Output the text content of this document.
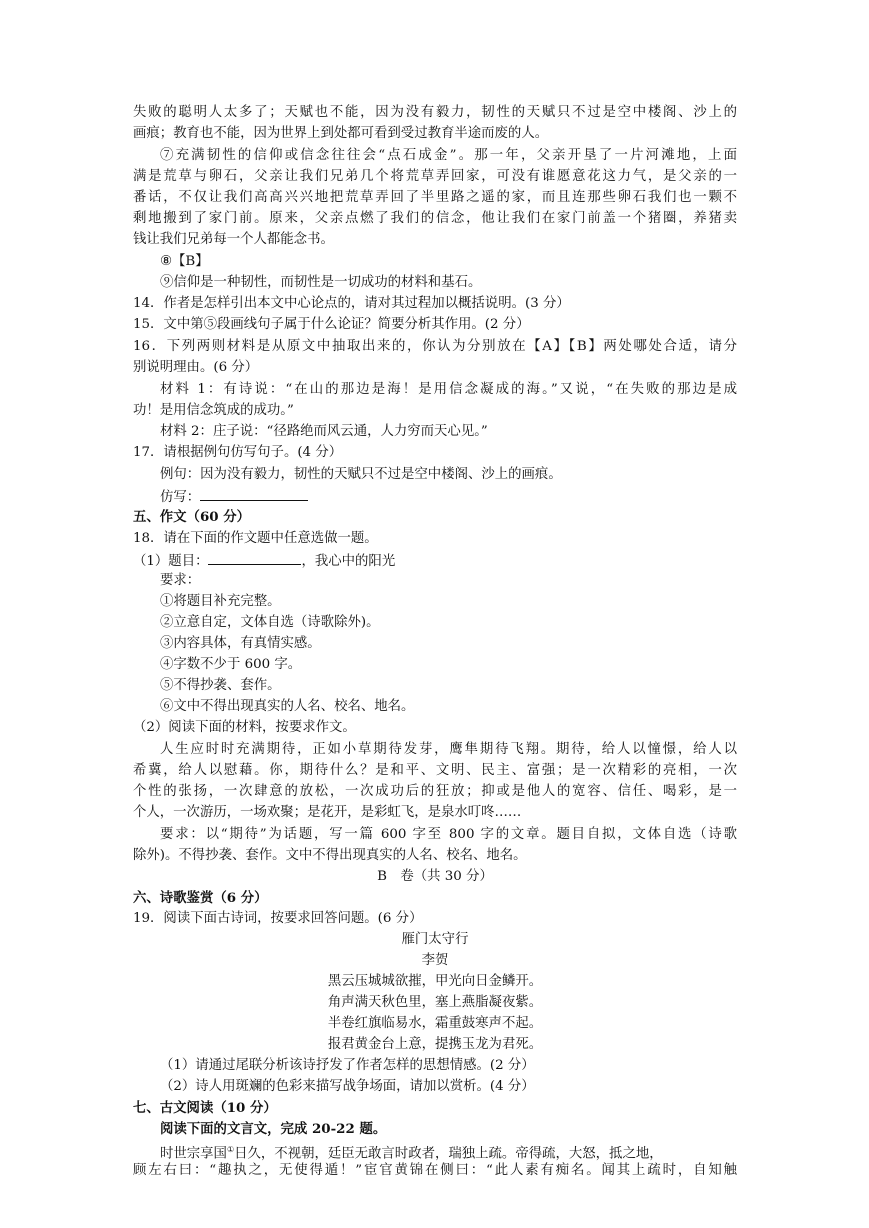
失败的聪明人太多了；天赋也不能，因为没有毅力，韧性的天赋只不过是空中楼阁、沙上的
画痕；教育也不能，因为世界上到处都可看到受过教育半途而废的人。
⑦充满韧性的信仰或信念往往会“点石成金”。那一年，父亲开垦了一片河滩地，上面
满是荒草与卵石，父亲让我们兄弟几个将荒草弄回家，可没有谁愿意花这力气，是父亲的一
番话，不仅让我们高高兴兴地把荒草弄回了半里路之遥的家，而且连那些卵石我们也一颗不
剩地搬到了家门前。原来，父亲点燃了我们的信念，他让我们在家门前盖一个猪圈，养猪卖
钱让我们兄弟每一个人都能念书。
⑧【B】
⑨信仰是一种韧性，而韧性是一切成功的材料和基石。
14．作者是怎样引出本文中心论点的，请对其过程加以概括说明。(3 分）
15．文中第⑤段画线句子属于什么论证？简要分析其作用。(2 分）
16．下列两则材料是从原文中抽取出来的，你认为分别放在【A】【B】两处哪处合适，请分
别说明理由。(6 分）
材料 1：有诗说：“在山的那边是海！是用信念凝成的海。”又说，“在失败的那边是成
功！是用信念筑成的成功。”
材料 2：庄子说：“径路绝而风云通，人力穷而天心见。”
17．请根据例句仿写句子。(4 分）
例句：因为没有毅力，韧性的天赋只不过是空中楼阁、沙上的画痕。
仿写：
五、作文（60 分）
18．请在下面的作文题中任意选做一题。
（1）题目：	，我心中的阳光
要求：
①将题目补充完整。
②立意自定，文体自选（诗歌除外)。
③内容具体，有真情实感。
④字数不少于 600 字。
⑤不得抄袭、套作。
⑥文中不得出现真实的人名、校名、地名。
（2）阅读下面的材料，按要求作文。
人生应时时充满期待，正如小草期待发芽，鹰隼期待飞翔。期待，给人以憧憬，给人以
希冀，给人以慰藉。你，期待什么？是和平、文明、民主、富强；是一次精彩的亮相，一次
个性的张扬，一次肆意的放松，一次成功后的狂放；抑或是他人的宽容、信任、喝彩，是一
个人，一次游历，一场欢聚；是花开，是彩虹飞，是泉水叮咚……
要求：以“期待”为话题，写一篇 600 字至 800 字的文章。题目自拟，文体自选（诗歌
除外)。不得抄袭、套作。文中不得出现真实的人名、校名、地名。
B　卷（共 30 分）
六、诗歌鉴赏（6 分）
19．阅读下面古诗词，按要求回答问题。(6 分）
雁门太守行
李贺
黑云压城城欲摧，甲光向日金鳞开。
角声满天秋色里，塞上燕脂凝夜紫。
半卷红旗临易水，霜重鼓寒声不起。
报君黄金台上意，提携玉龙为君死。
（1）请通过尾联分析该诗抒发了作者怎样的思想情感。(2 分）
（2）诗人用斑斓的色彩来描写战争场面，请加以赏析。(4 分）
七、古文阅读（10 分）
阅读下面的文言文，完成 20-22 题。
时世宗享国①日久，不视朝，廷臣无敢言时政者，瑞独上疏。帝得疏，大怒，抵之地，
顾左右曰：“趣执之，无使得遁！”宦官黄锦在侧曰：“此人素有痴名。闻其上疏时，自知触
